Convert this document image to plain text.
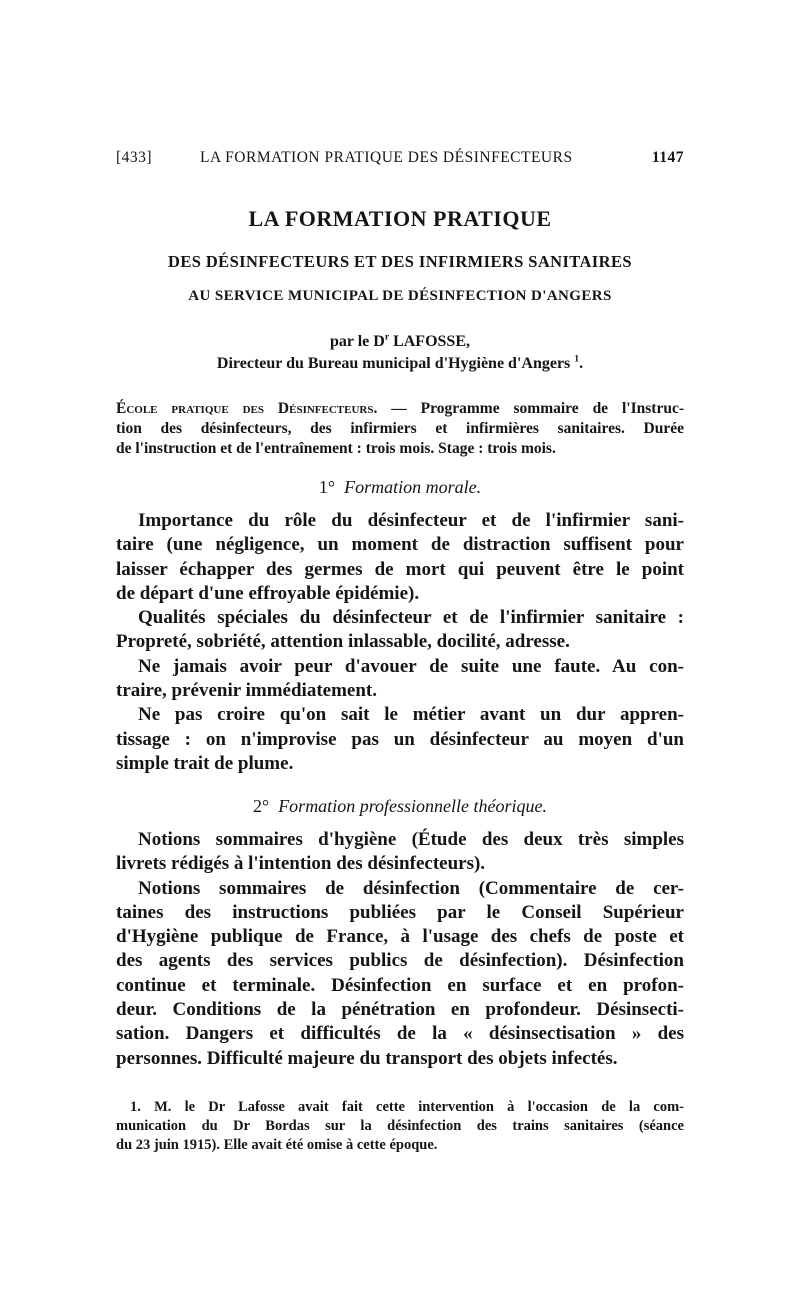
[433]	LA FORMATION PRATIQUE DES DÉSINFECTEURS	1147
LA FORMATION PRATIQUE
DES DÉSINFECTEURS ET DES INFIRMIERS SANITAIRES
AU SERVICE MUNICIPAL DE DÉSINFECTION D'ANGERS
par le $D^r$ LAFOSSE,
Directeur du Bureau municipal d'Hygiène d'Angers $^1$.
École pratique des Désinfecteurs. — Programme sommaire de l'Instruc-
tion des désinfecteurs, des infirmiers et infirmières sanitaires. Durée
de l'instruction et de l'entraînement : trois mois. Stage : trois mois.
1° Formation morale.

Importance du rôle du désinfecteur et de l'infirmier sani-
taire (une négligence, un moment de distraction suffisent pour
laisser échapper des germes de mort qui peuvent être le point
de départ d'une effroyable épidémie).

Qualités spéciales du désinfecteur et de l'infirmier sanitaire :
Propreté, sobriété, attention inlassable, docilité, adresse.

Ne jamais avoir peur d'avouer de suite une faute. Au con-
traire, prévenir immédiatement.

Ne pas croire qu'on sait le métier avant un dur appren-
tissage : on n'improvise pas un désinfecteur au moyen d'un
simple trait de plume.

2° Formation professionnelle théorique.

Notions sommaires d'hygiène (Étude des deux très simples
livrets rédigés à l'intention des désinfecteurs).

Notions sommaires de désinfection (Commentaire de cer-
taines des instructions publiées par le Conseil Supérieur
d'Hygiène publique de France, à l'usage des chefs de poste et
des agents des services publics de désinfection). Désinfection
continue et terminale. Désinfection en surface et en profon-
deur. Conditions de la pénétration en profondeur. Désinsecti-
sation. Dangers et difficultés de la « désinsectisation » des
personnes. Difficulté majeure du transport des objets infectés.

1. M. le Dr Lafosse avait fait cette intervention à l'occasion de la com-
munication du Dr Bordas sur la désinfection des trains sanitaires (séance
du 23 juin 1915). Elle avait été omise à cette époque.
